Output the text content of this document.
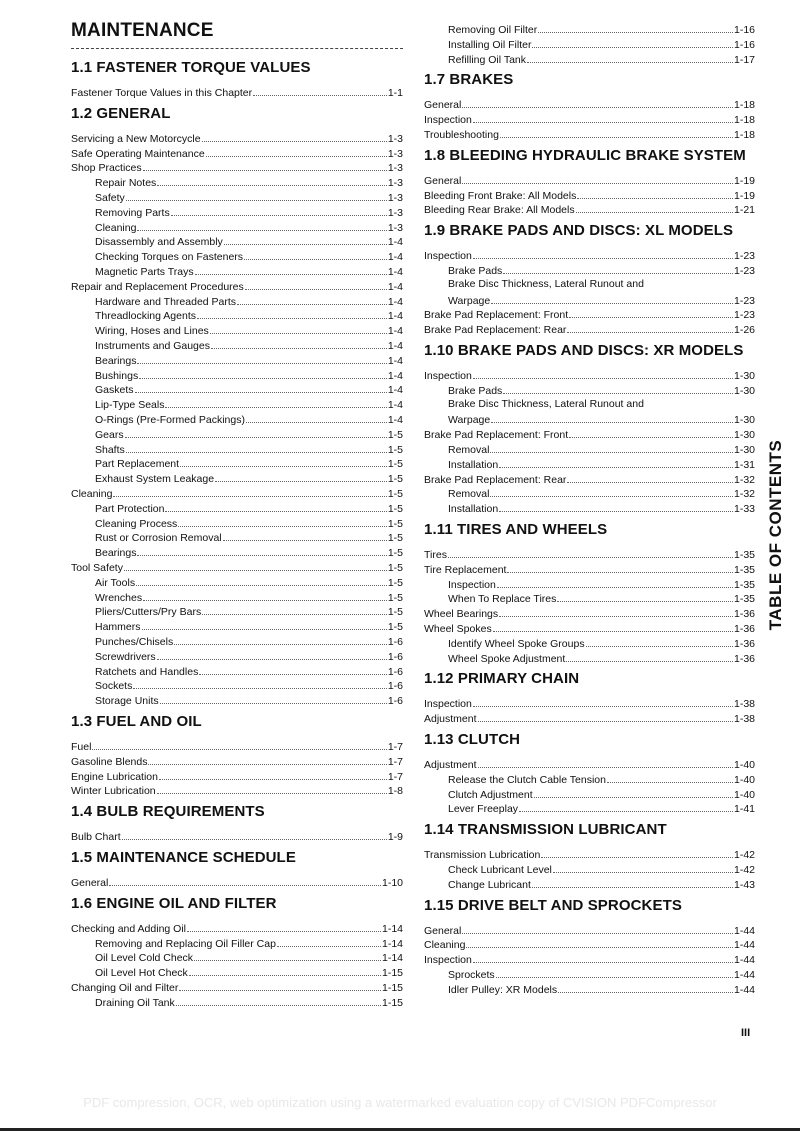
MAINTENANCE
1.1 FASTENER TORQUE VALUES
Fastener Torque Values in this Chapter	1-1
1.2 GENERAL
Servicing a New Motorcycle	1-3
Safe Operating Maintenance	1-3
Shop Practices	1-3
Repair Notes	1-3
Safety	1-3
Removing Parts	1-3
Cleaning	1-3
Disassembly and Assembly	1-4
Checking Torques on Fasteners	1-4
Magnetic Parts Trays	1-4
Repair and Replacement Procedures	1-4
Hardware and Threaded Parts	1-4
Threadlocking Agents	1-4
Wiring, Hoses and Lines	1-4
Instruments and Gauges	1-4
Bearings	1-4
Bushings	1-4
Gaskets	1-4
Lip-Type Seals	1-4
O-Rings (Pre-Formed Packings)	1-4
Gears	1-5
Shafts	1-5
Part Replacement	1-5
Exhaust System Leakage	1-5
Cleaning	1-5
Part Protection	1-5
Cleaning Process	1-5
Rust or Corrosion Removal	1-5
Bearings	1-5
Tool Safety	1-5
Air Tools	1-5
Wrenches	1-5
Pliers/Cutters/Pry Bars	1-5
Hammers	1-5
Punches/Chisels	1-6
Screwdrivers	1-6
Ratchets and Handles	1-6
Sockets	1-6
Storage Units	1-6
1.3 FUEL AND OIL
Fuel	1-7
Gasoline Blends	1-7
Engine Lubrication	1-7
Winter Lubrication	1-8
1.4 BULB REQUIREMENTS
Bulb Chart	1-9
1.5 MAINTENANCE SCHEDULE
General	1-10
1.6 ENGINE OIL AND FILTER
Checking and Adding Oil	1-14
Removing and Replacing Oil Filler Cap	1-14
Oil Level Cold Check	1-14
Oil Level Hot Check	1-15
Changing Oil and Filter	1-15
Draining Oil Tank	1-15
Removing Oil Filter	1-16
Installing Oil Filter	1-16
Refilling Oil Tank	1-17
1.7 BRAKES
General	1-18
Inspection	1-18
Troubleshooting	1-18
1.8 BLEEDING HYDRAULIC BRAKE SYSTEM
General	1-19
Bleeding Front Brake: All Models	1-19
Bleeding Rear Brake: All Models	1-21
1.9 BRAKE PADS AND DISCS: XL MODELS
Inspection	1-23
Brake Pads	1-23
Brake Disc Thickness, Lateral Runout and
Warpage	1-23
Brake Pad Replacement: Front	1-23
Brake Pad Replacement: Rear	1-26
1.10 BRAKE PADS AND DISCS: XR MODELS
Inspection	1-30
Brake Pads	1-30
Brake Disc Thickness, Lateral Runout and
Warpage	1-30
Brake Pad Replacement: Front	1-30
Removal	1-30
Installation	1-31
Brake Pad Replacement: Rear	1-32
Removal	1-32
Installation	1-33
1.11 TIRES AND WHEELS
Tires	1-35
Tire Replacement	1-35
Inspection	1-35
When To Replace Tires	1-35
Wheel Bearings	1-36
Wheel Spokes	1-36
Identify Wheel Spoke Groups	1-36
Wheel Spoke Adjustment	1-36
1.12 PRIMARY CHAIN
Inspection	1-38
Adjustment	1-38
1.13 CLUTCH
Adjustment	1-40
Release the Clutch Cable Tension	1-40
Clutch Adjustment	1-40
Lever Freeplay	1-41
1.14 TRANSMISSION LUBRICANT
Transmission Lubrication	1-42
Check Lubricant Level	1-42
Change Lubricant	1-43
1.15 DRIVE BELT AND SPROCKETS
General	1-44
Cleaning	1-44
Inspection	1-44
Sprockets	1-44
Idler Pulley: XR Models	1-44
TABLE OF CONTENTS
III
PDF compression, OCR, web optimization using a watermarked evaluation copy of CVISION PDFCompressor
